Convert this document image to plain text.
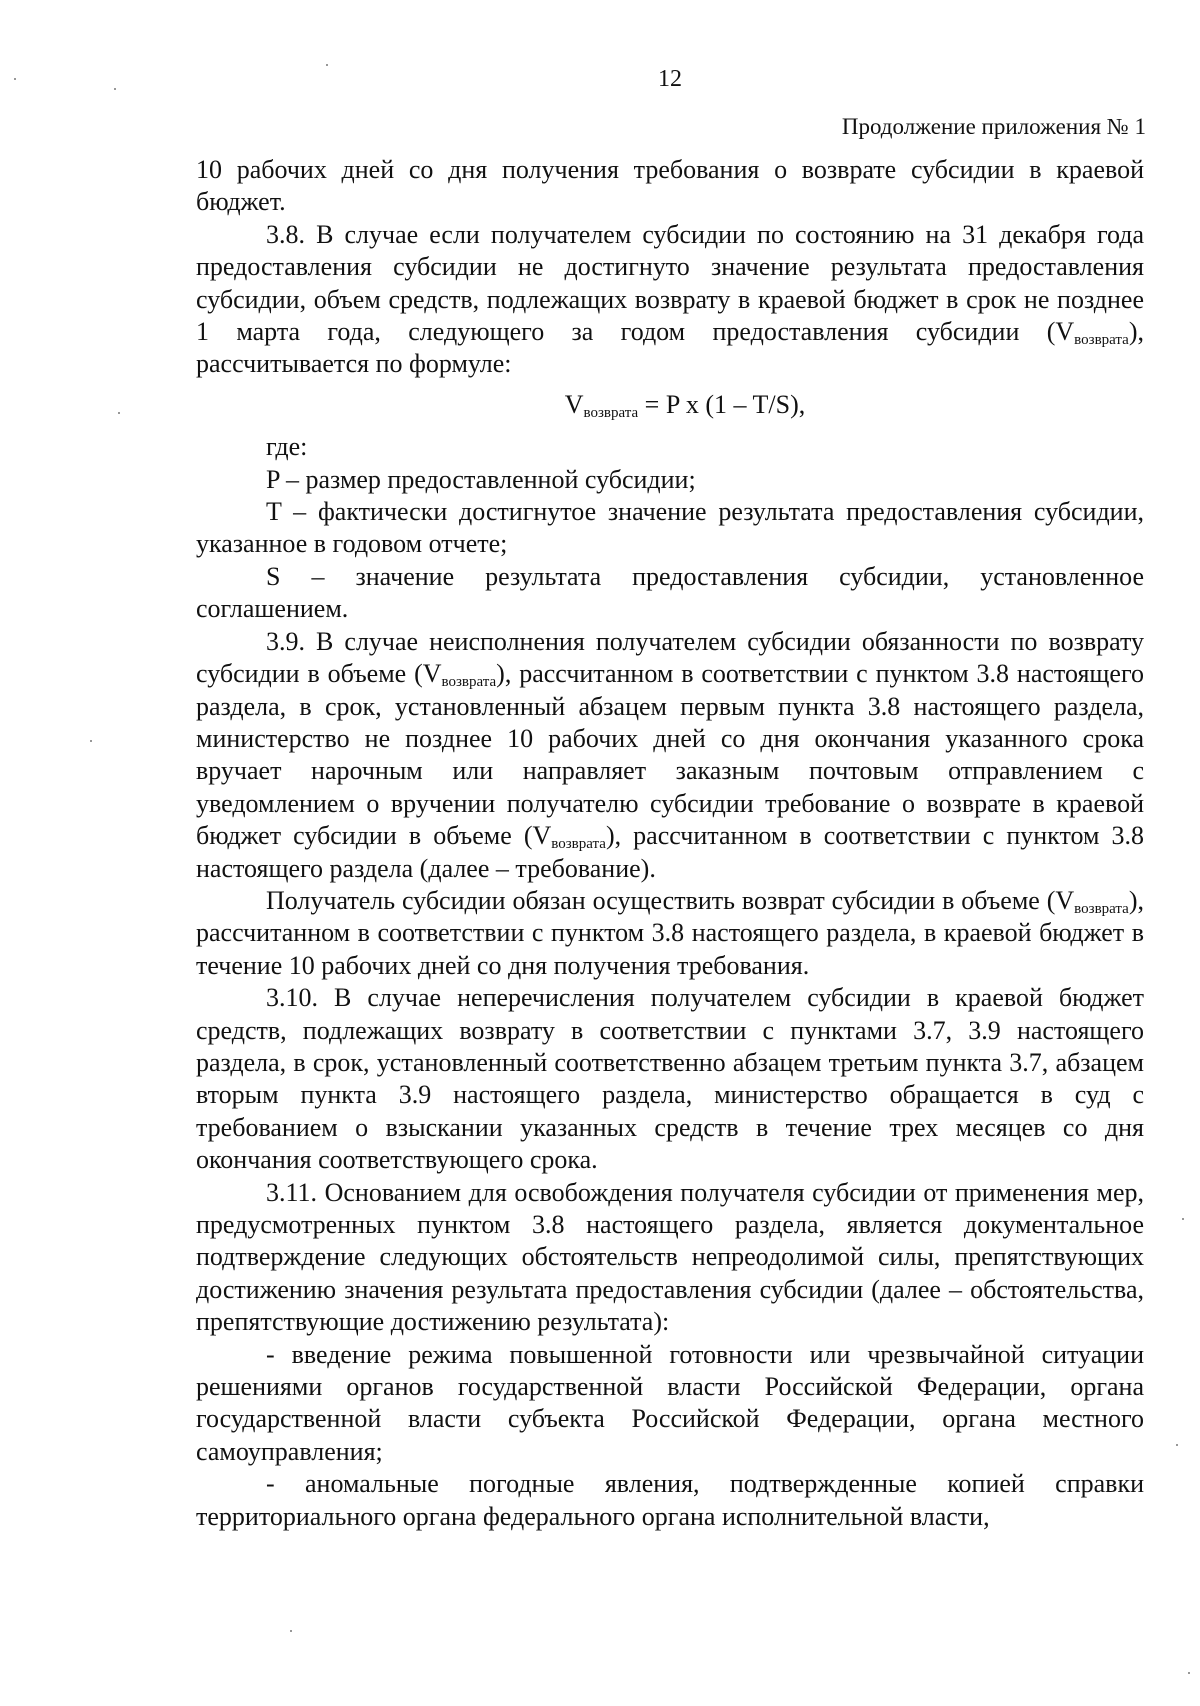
12
Продолжение приложения № 1

10 рабочих дней со дня получения требования о возврате субсидии в краевой бюджет.

3.8. В случае если получателем субсидии по состоянию на 31 декабря года предоставления субсидии не достигнуто значение результата предоставления субсидии, объем средств, подлежащих возврату в краевой бюджет в срок не позднее 1 марта года, следующего за годом предоставления субсидии $(V_{возврата})$, рассчитывается по формуле:

$V_{возврата} = P$ x (1 – T/S),

где:

P – размер предоставленной субсидии;

T – фактически достигнутое значение результата предоставления субсидии, указанное в годовом отчете;

S – значение результата предоставления субсидии, установленное соглашением.

3.9. В случае неисполнения получателем субсидии обязанности по возврату субсидии в объеме $(V_{возврата})$, рассчитанном в соответствии с пунктом 3.8 настоящего раздела, в срок, установленный абзацем первым пункта 3.8 настоящего раздела, министерство не позднее 10 рабочих дней со дня окончания указанного срока вручает нарочным или направляет заказным почтовым отправлением с уведомлением о вручении получателю субсидии требование о возврате в краевой бюджет субсидии в объеме $(V_{возврата})$, рассчитанном в соответствии с пунктом 3.8 настоящего раздела (далее – требование).

Получатель субсидии обязан осуществить возврат субсидии в объеме $(V_{возврата})$, рассчитанном в соответствии с пунктом 3.8 настоящего раздела, в краевой бюджет в течение 10 рабочих дней со дня получения требования.

3.10. В случае неперечисления получателем субсидии в краевой бюджет средств, подлежащих возврату в соответствии с пунктами 3.7, 3.9 настоящего раздела, в срок, установленный соответственно абзацем третьим пункта 3.7, абзацем вторым пункта 3.9 настоящего раздела, министерство обращается в суд с требованием о взыскании указанных средств в течение трех месяцев со дня окончания соответствующего срока.

3.11. Основанием для освобождения получателя субсидии от применения мер, предусмотренных пунктом 3.8 настоящего раздела, является документальное подтверждение следующих обстоятельств непреодолимой силы, препятствующих достижению значения результата предоставления субсидии (далее – обстоятельства, препятствующие достижению результата):

- введение режима повышенной готовности или чрезвычайной ситуации решениями органов государственной власти Российской Федерации, органа государственной власти субъекта Российской Федерации, органа местного самоуправления;

- аномальные погодные явления, подтвержденные копией справки территориального органа федерального органа исполнительной власти,
